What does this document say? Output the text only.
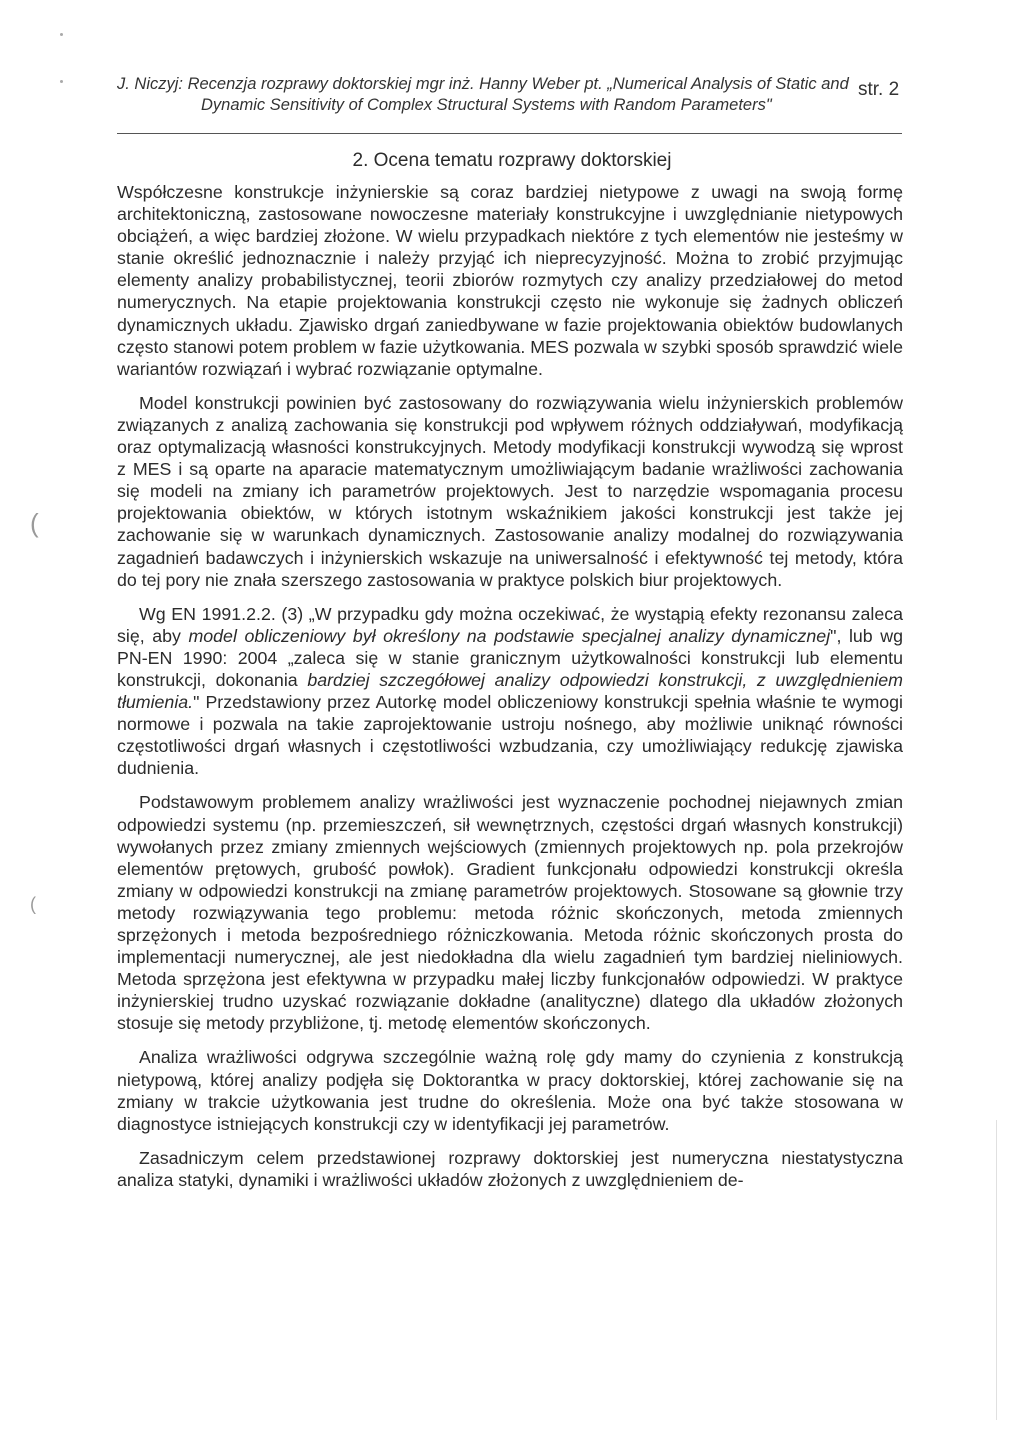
J. Niczyj: Recenzja rozprawy doktorskiej mgr inż. Hanny Weber pt. „Numerical Analysis of Static and
Dynamic Sensitivity of Complex Structural Systems with Random Parameters"
str. 2
2. Ocena tematu rozprawy doktorskiej

Współczesne konstrukcje inżynierskie są coraz bardziej nietypowe z uwagi na swoją formę architektoniczną, zastosowane nowoczesne materiały konstrukcyjne i uwzględnianie nietypowych obciążeń, a więc bardziej złożone. W wielu przypadkach niektóre z tych elementów nie jesteśmy w stanie określić jednoznacznie i należy przyjąć ich nieprecyzyjność. Można to zrobić przyjmując elementy analizy probabilistycznej, teorii zbiorów rozmytych czy analizy przedziałowej do metod numerycznych. Na etapie projektowania konstrukcji często nie wykonuje się żadnych obliczeń dynamicznych układu. Zjawisko drgań zaniedbywane w fazie projektowania obiektów budowlanych często stanowi potem problem w fazie użytkowania. MES pozwala w szybki sposób sprawdzić wiele wariantów rozwiązań i wybrać rozwiązanie optymalne.

Model konstrukcji powinien być zastosowany do rozwiązywania wielu inżynierskich problemów związanych z analizą zachowania się konstrukcji pod wpływem różnych oddziaływań, modyfikacją oraz optymalizacją własności konstrukcyjnych. Metody modyfikacji konstrukcji wywodzą się wprost z MES i są oparte na aparacie matematycznym umożliwiającym badanie wrażliwości zachowania się modeli na zmiany ich parametrów projektowych. Jest to narzędzie wspomagania procesu projektowania obiektów, w których istotnym wskaźnikiem jakości konstrukcji jest także jej zachowanie się w warunkach dynamicznych. Zastosowanie analizy modalnej do rozwiązywania zagadnień badawczych i inżynierskich wskazuje na uniwersalność i efektywność tej metody, która do tej pory nie znała szerszego zastosowania w praktyce polskich biur projektowych.

Wg EN 1991.2.2. (3) „W przypadku gdy można oczekiwać, że wystąpią efekty rezonansu zaleca się, aby model obliczeniowy był określony na podstawie specjalnej analizy dynamicznej", lub wg PN-EN 1990: 2004 „zaleca się w stanie granicznym użytkowalności konstrukcji lub elementu konstrukcji, dokonania bardziej szczegółowej analizy odpowiedzi konstrukcji, z uwzględnieniem tłumienia." Przedstawiony przez Autorkę model obliczeniowy konstrukcji spełnia właśnie te wymogi normowe i pozwala na takie zaprojektowanie ustroju nośnego, aby możliwie uniknąć równości częstotliwości drgań własnych i częstotliwości wzbudzania, czy umożliwiający redukcję zjawiska dudnienia.

Podstawowym problemem analizy wrażliwości jest wyznaczenie pochodnej niejawnych zmian odpowiedzi systemu (np. przemieszczeń, sił wewnętrznych, częstości drgań własnych konstrukcji) wywołanych przez zmiany zmiennych wejściowych (zmiennych projektowych np. pola przekrojów elementów prętowych, grubość powłok). Gradient funkcjonału odpowiedzi konstrukcji określa zmiany w odpowiedzi konstrukcji na zmianę parametrów projektowych. Stosowane są głownie trzy metody rozwiązywania tego problemu: metoda różnic skończonych, metoda zmiennych sprzężonych i metoda bezpośredniego różniczkowania. Metoda różnic skończonych prosta do implementacji numerycznej, ale jest niedokładna dla wielu zagadnień tym bardziej nieliniowych. Metoda sprzężona jest efektywna w przypadku małej liczby funkcjonałów odpowiedzi. W praktyce inżynierskiej trudno uzyskać rozwiązanie dokładne (analityczne) dlatego dla układów złożonych stosuje się metody przybliżone, tj. metodę elementów skończonych.

Analiza wrażliwości odgrywa szczególnie ważną rolę gdy mamy do czynienia z konstrukcją nietypową, której analizy podjęła się Doktorantka w pracy doktorskiej, której zachowanie się na zmiany w trakcie użytkowania jest trudne do określenia. Może ona być także stosowana w diagnostyce istniejących konstrukcji czy w identyfikacji jej parametrów.

Zasadniczym celem przedstawionej rozprawy doktorskiej jest numeryczna niestatystyczna analiza statyki, dynamiki i wrażliwości układów złożonych z uwzględnieniem de-

(
(
